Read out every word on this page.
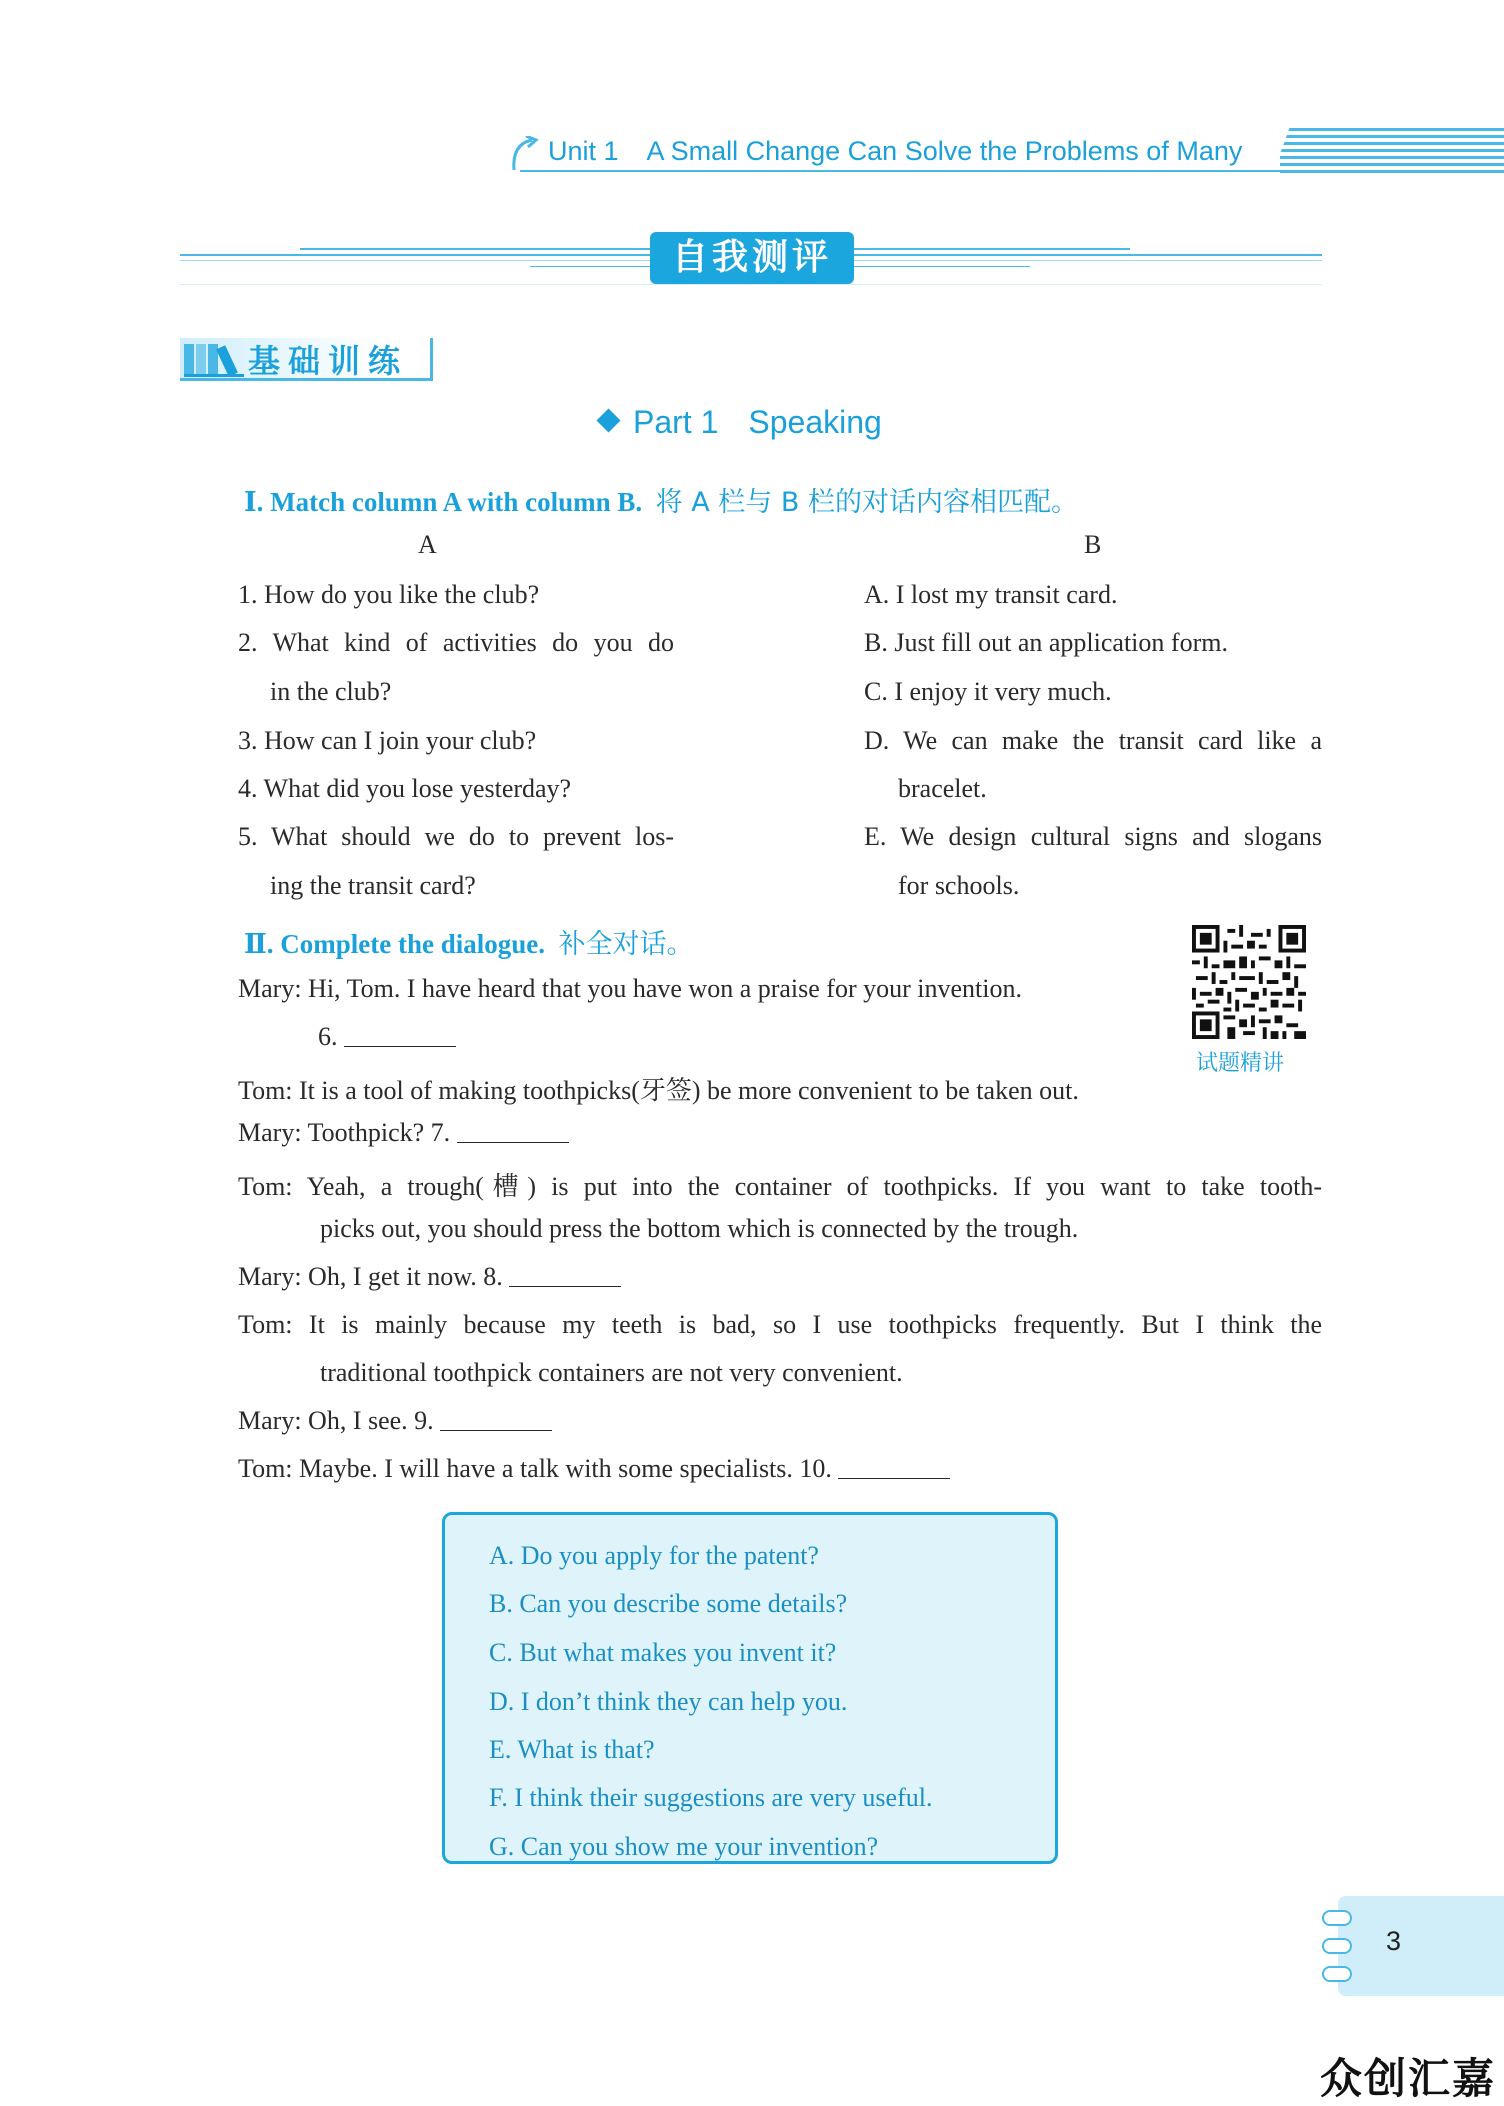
Unit 1 A Small Change Can Solve the Problems of Many
自我测评
基础训练
Part 1 Speaking
Ⅰ. Match column A with column B. 将 A 栏与 B 栏的对话内容相匹配。
A	B
1. How do you like the club?
2. What kind of activities do you do
in the club?
3. How can I join your club?
4. What did you lose yesterday?
5. What should we do to prevent los-
ing the transit card?
A. I lost my transit card.
B. Just fill out an application form.
C. I enjoy it very much.
D. We can make the transit card like a
bracelet.
E. We design cultural signs and slogans
for schools.
Ⅱ. Complete the dialogue. 补全对话。
试题精讲
Mary: Hi, Tom. I have heard that you have won a praise for your invention.
6.
Tom: It is a tool of making toothpicks(牙签) be more convenient to be taken out.
Mary: Toothpick? 7.
Tom: Yeah, a trough(槽) is put into the container of toothpicks. If you want to take tooth-
picks out, you should press the bottom which is connected by the trough.
Mary: Oh, I get it now. 8.
Tom: It is mainly because my teeth is bad, so I use toothpicks frequently. But I think the
traditional toothpick containers are not very convenient.
Mary: Oh, I see. 9.
Tom: Maybe. I will have a talk with some specialists. 10.
A. Do you apply for the patent?
B. Can you describe some details?
C. But what makes you invent it?
D. I don’t think they can help you.
E. What is that?
F. I think their suggestions are very useful.
G. Can you show me your invention?
3
众创汇嘉
